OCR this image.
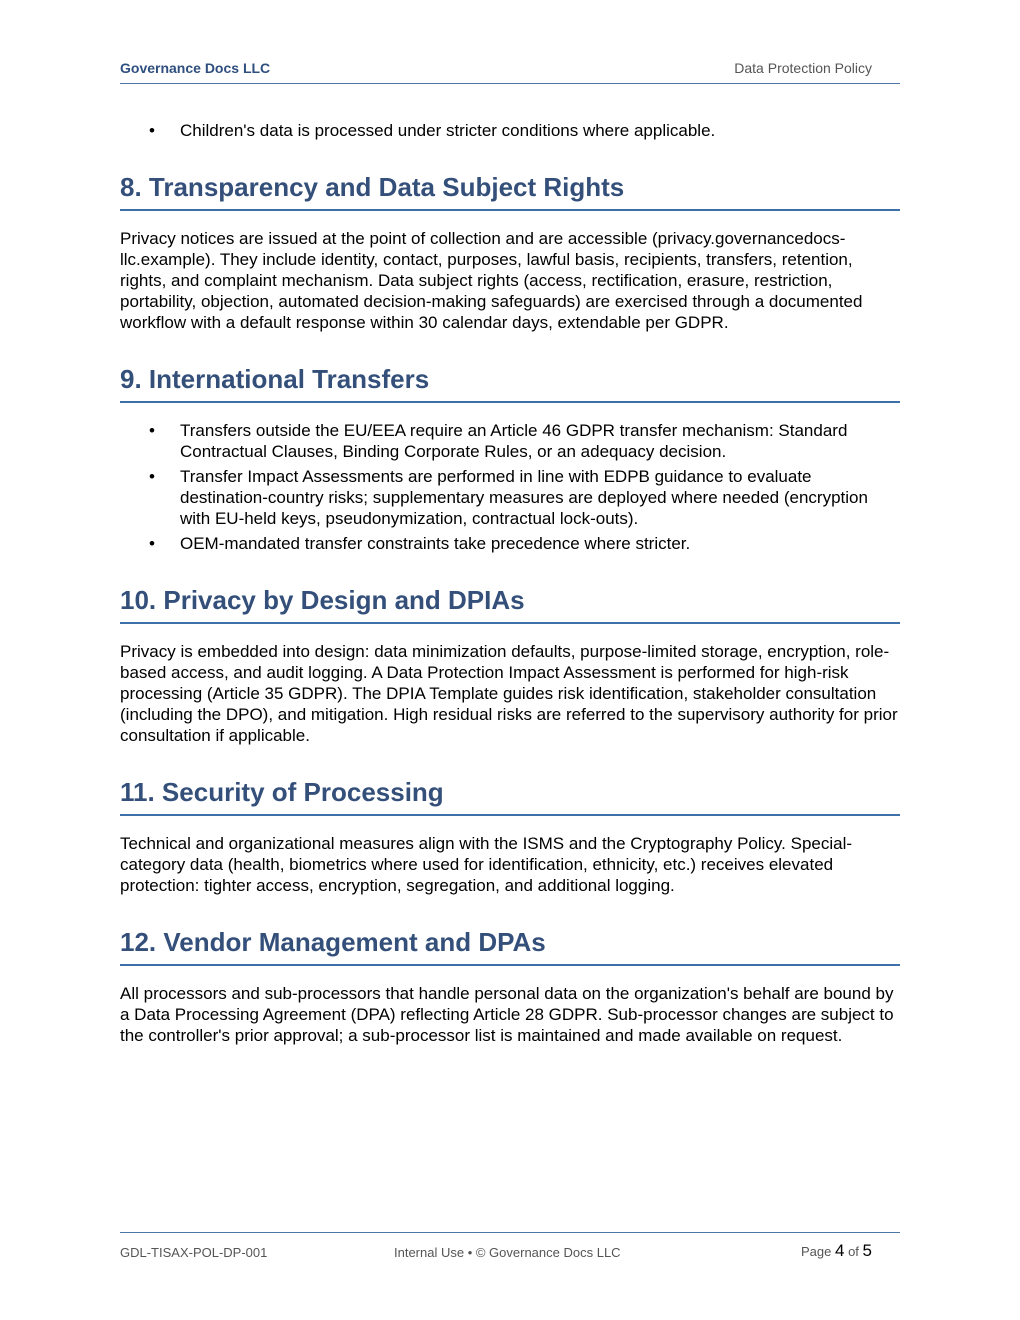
Governance Docs LLC	Data Protection Policy
• Children's data is processed under stricter conditions where applicable.
8. Transparency and Data Subject Rights

Privacy notices are issued at the point of collection and are accessible (privacy.governancedocs-llc.example). They include identity, contact, purposes, lawful basis, recipients, transfers, retention, rights, and complaint mechanism. Data subject rights (access, rectification, erasure, restriction, portability, objection, automated decision-making safeguards) are exercised through a documented workflow with a default response within 30 calendar days, extendable per GDPR.

9. International Transfers
• Transfers outside the EU/EEA require an Article 46 GDPR transfer mechanism: Standard Contractual Clauses, Binding Corporate Rules, or an adequacy decision.
• Transfer Impact Assessments are performed in line with EDPB guidance to evaluate destination-country risks; supplementary measures are deployed where needed (encryption with EU-held keys, pseudonymization, contractual lock-outs).
• OEM-mandated transfer constraints take precedence where stricter.
10. Privacy by Design and DPIAs

Privacy is embedded into design: data minimization defaults, purpose-limited storage, encryption, role-based access, and audit logging. A Data Protection Impact Assessment is performed for high-risk processing (Article 35 GDPR). The DPIA Template guides risk identification, stakeholder consultation (including the DPO), and mitigation. High residual risks are referred to the supervisory authority for prior consultation if applicable.

11. Security of Processing

Technical and organizational measures align with the ISMS and the Cryptography Policy. Special-category data (health, biometrics where used for identification, ethnicity, etc.) receives elevated protection: tighter access, encryption, segregation, and additional logging.

12. Vendor Management and DPAs

All processors and sub-processors that handle personal data on the organization's behalf are bound by a Data Processing Agreement (DPA) reflecting Article 28 GDPR. Sub-processor changes are subject to the controller's prior approval; a sub-processor list is maintained and made available on request.

GDL-TISAX-POL-DP-001	Internal Use • © Governance Docs LLC	Page 4 of 5
